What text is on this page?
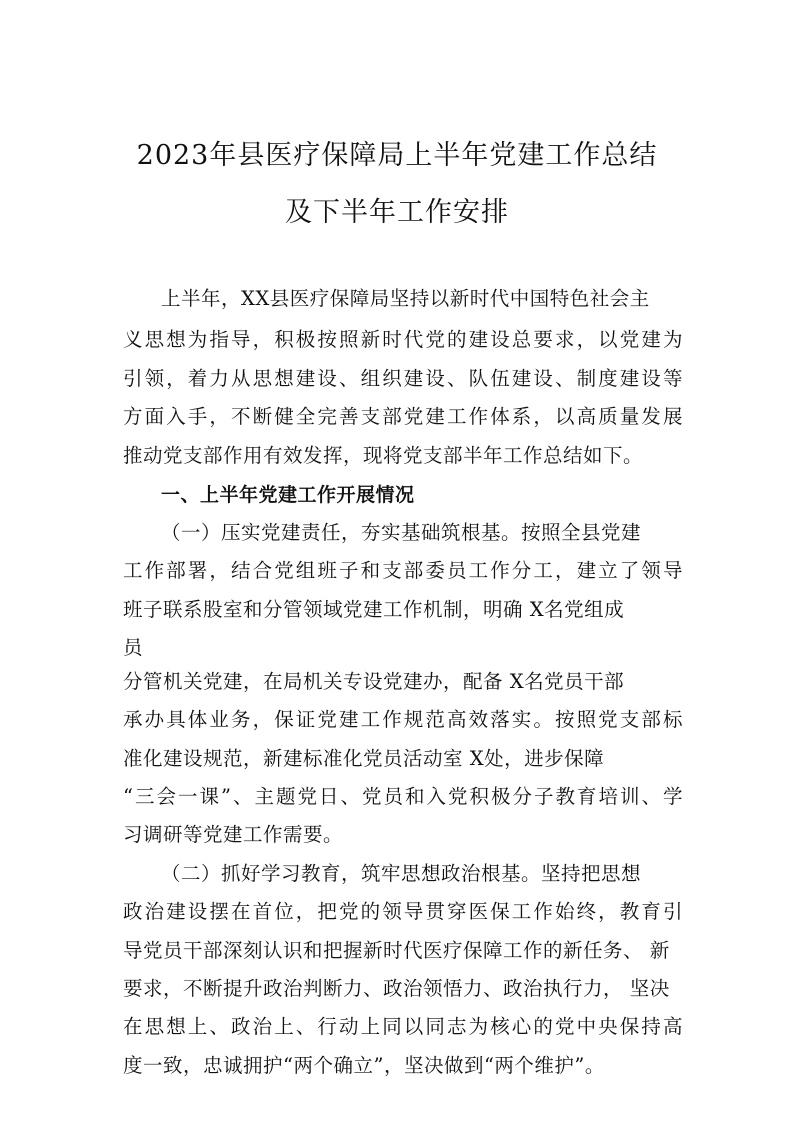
2023年县医疗保障局上半年党建工作总结
及下半年工作安排
上半年，XX县医疗保障局坚持以新时代中国特色社会主
义思想为指导，积极按照新时代党的建设总要求，以党建为
引领，着力从思想建设、组织建设、队伍建设、制度建设等
方面入手，不断健全完善支部党建工作体系，以高质量发展
推动党支部作用有效发挥，现将党支部半年工作总结如下。
一、上半年党建工作开展情况
（一）压实党建责任，夯实基础筑根基。按照全县党建
工作部署，结合党组班子和支部委员工作分工，建立了领导
班子联系股室和分管领域党建工作机制，明确 X名党组成
员
分管机关党建，在局机关专设党建办，配备 X名党员干部
承办具体业务，保证党建工作规范高效落实。按照党支部标
准化建设规范，新建标准化党员活动室 X处，进步保障
“三会一课”、主题党日、党员和入党积极分子教育培训、学
习调研等党建工作需要。
（二）抓好学习教育，筑牢思想政治根基。坚持把思想
政治建设摆在首位，把党的领导贯穿医保工作始终，教育引
导党员干部深刻认识和把握新时代医疗保障工作的新任务、 新
要求，不断提升政治判断力、政治领悟力、政治执行力， 坚决
在思想上、政治上、行动上同以同志为核心的党中央保持高
度一致，忠诚拥护“两个确立”，坚决做到“两个维护”。
